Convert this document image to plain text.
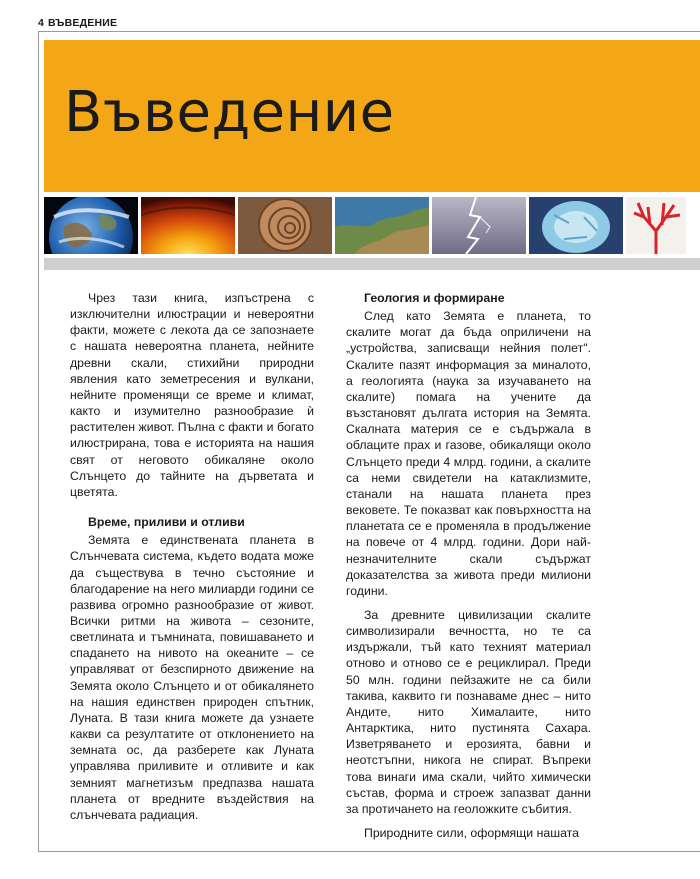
4 ВЪВЕДЕНИЕ
Въведение

Чрез тази книга, изпъстрена с изключителни илюстрации и невероятни факти, можете с лекота да се запознаете с нашата невероятна планета, нейните древни скали, стихийни природни явления като земетресения и вулкани, нейните променящи се време и климат, както и изумително разнообразие ѝ растителен живот. Пълна с факти и богато илюстрирана, това е историята на нашия свят от неговото обикаляне около Слънцето до тайните на дърветата и цветята.

Време, приливи и отливи

Земята е единствената планета в Слънчевата система, където водата може да съществува в течно състояние и благодарение на него милиарди години се развива огромно разнообразие от живот. Всички ритми на живота – сезоните, светлината и тъмнината, повишаването и спадането на нивото на океаните – се управляват от безспирното движение на Земята около Слънцето и от обикалянето на нашия единствен природен спътник, Луната. В тази книга можете да узнаете какви са резултатите от отклонението на земната ос, да разберете как Луната управлява приливите и отливите и как земният магнетизъм предпазва нашата планета от вредните въздействия на слънчевата радиация.

Геология и формиране

След като Земята е планета, то скалите могат да бъда оприличени на „устройства, записващи нейния полет". Скалите пазят информация за миналото, а геологията (наука за изучаването на скалите) помага на учените да възстановят дългата история на Земята. Скалната материя се е съдържала в облаците прах и газове, обикалящи около Слънцето преди 4 млрд. години, а скалите са неми свидетели на катаклизмите, станали на нашата планета през вековете. Те показват как повърхността на планетата се е променяла в продължение на повече от 4 млрд. години. Дори най-незначителните скали съдържат доказателства за живота преди милиони години.

За древните цивилизации скалите символизирали вечността, но те са издържали, тъй като техният материал отново и отново се е рециклирал. Преди 50 млн. години пейзажите не са били такива, каквито ги познаваме днес – нито Андите, нито Хималаите, нито Антарктика, нито пустинята Сахара. Изветряването и ерозията, бавни и неотстъпни, никога не спират. Въпреки това винаги има скали, чийто химически състав, форма и строеж запазват данни за протичането на геоложките събития.

Природните сили, оформящи нашата
